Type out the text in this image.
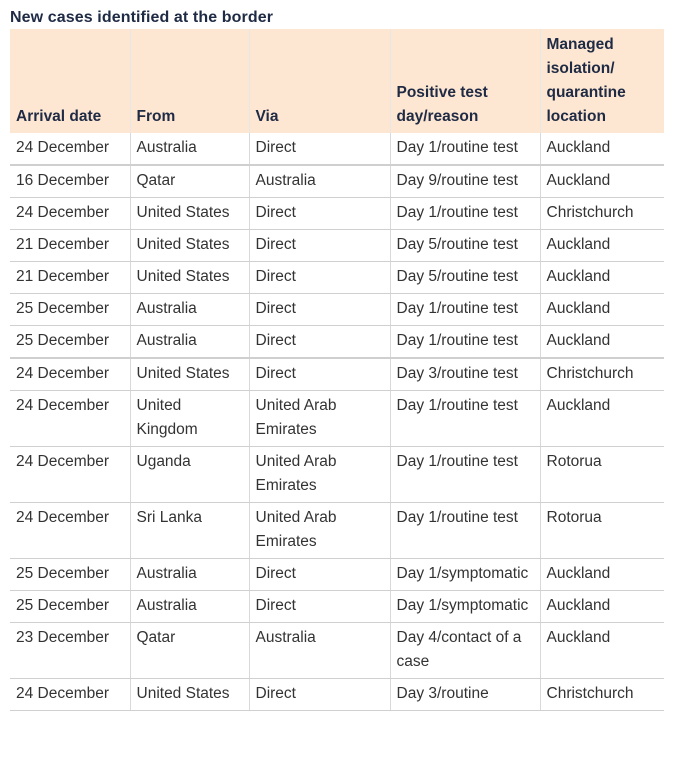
New cases identified at the border
Arrival date	From	Via	Positive test day/reason	Managed isolation/ quarantine location
24 December	Australia	Direct	Day 1/routine test	Auckland
16 December	Qatar	Australia	Day 9/routine test	Auckland
24 December	United States	Direct	Day 1/routine test	Christchurch
21 December	United States	Direct	Day 5/routine test	Auckland
21 December	United States	Direct	Day 5/routine test	Auckland
25 December	Australia	Direct	Day 1/routine test	Auckland
25 December	Australia	Direct	Day 1/routine test	Auckland
24 December	United States	Direct	Day 3/routine test	Christchurch
24 December	United Kingdom	United Arab Emirates	Day 1/routine test	Auckland
24 December	Uganda	United Arab Emirates	Day 1/routine test	Rotorua
24 December	Sri Lanka	United Arab Emirates	Day 1/routine test	Rotorua
25 December	Australia	Direct	Day 1/symptomatic	Auckland
25 December	Australia	Direct	Day 1/symptomatic	Auckland
23 December	Qatar	Australia	Day 4/contact of a case	Auckland
24 December	United States	Direct	Day 3/routine	Christchurch
